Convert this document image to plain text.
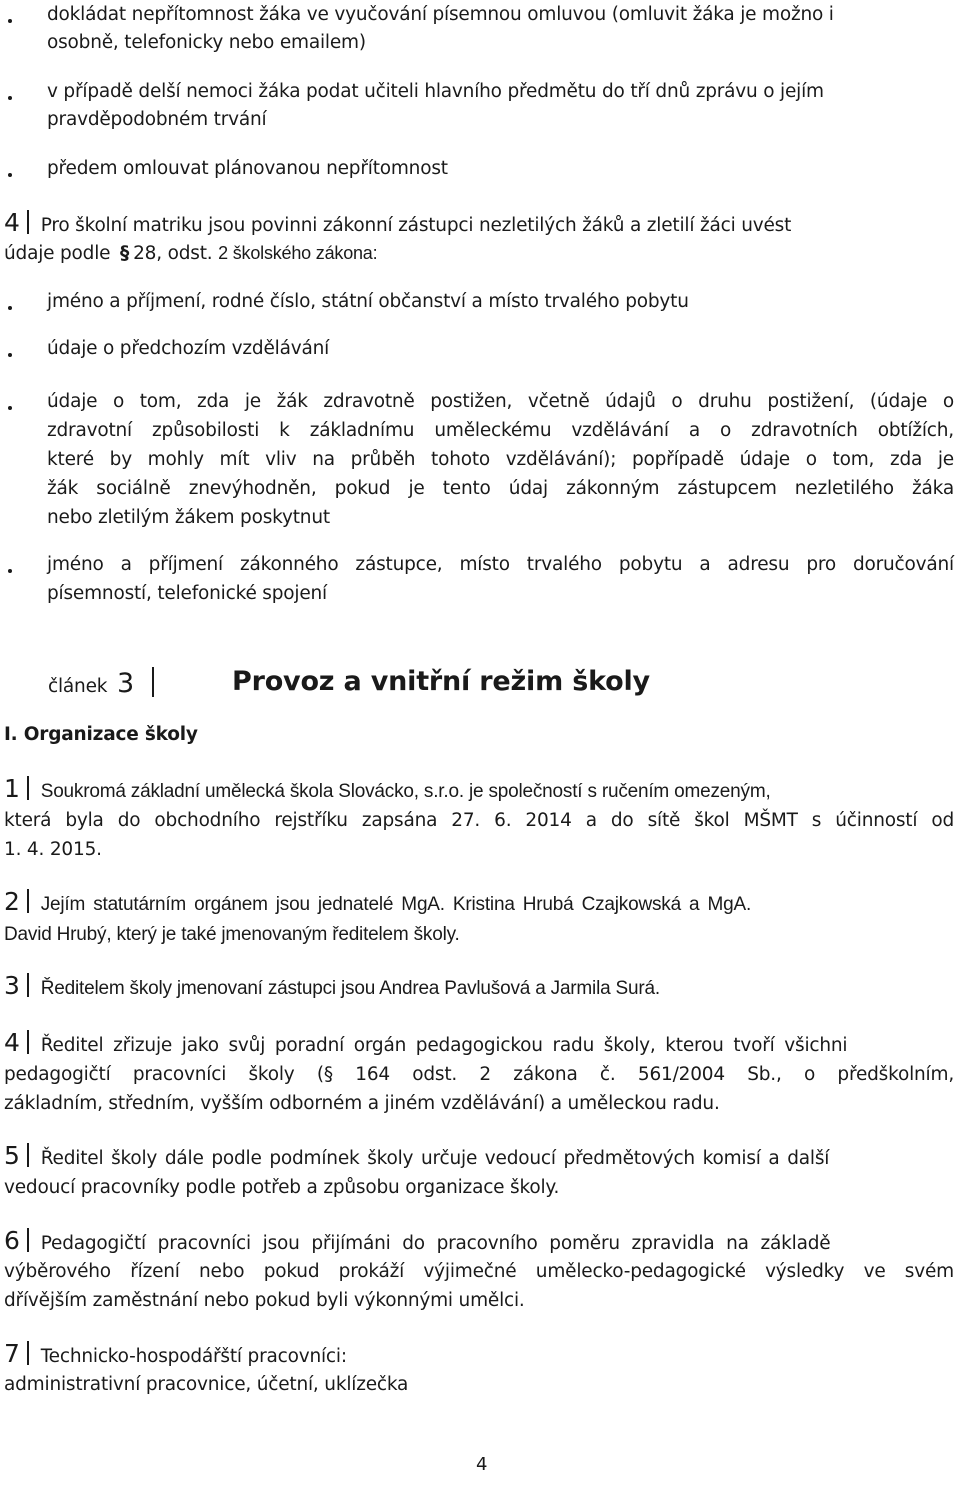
dokládat nepřítomnost žáka ve vyučování písemnou omluvou (omluvit žáka je možno i
osobně, telefonicky nebo emailem)
v případě delší nemoci žáka podat učiteli hlavního předmětu do tří dnů zprávu o jejím
pravděpodobném trvání
předem omlouvat plánovanou nepřítomnost
4 Pro školní matriku jsou povinni zákonní zástupci nezletilých žáků a zletilí žáci uvést
údaje podle § 28, odst. 2 školského zákona:
jméno a příjmení, rodné číslo, státní občanství a místo trvalého pobytu
údaje o předchozím vzdělávání
údaje o tom, zda je žák zdravotně postižen, včetně údajů o druhu postižení, (údaje o
zdravotní způsobilosti k základnímu uměleckému vzdělávání a o zdravotních obtížích,
které by mohly mít vliv na průběh tohoto vzdělávání); popřípadě údaje o tom, zda je
žák sociálně znevýhodněn, pokud je tento údaj zákonným zástupcem nezletilého žáka
nebo zletilým žákem poskytnut
jméno a příjmení zákonného zástupce, místo trvalého pobytu a adresu pro doručování
písemností, telefonické spojení
článek 3	Provoz a vnitřní režim školy
I. Organizace školy
1 Soukromá základní umělecká škola Slovácko, s.r.o. je společností s ručením omezeným,
která byla do obchodního rejstříku zapsána 27. 6. 2014 a do sítě škol MŠMT s účinností od
1. 4. 2015.
2 Jejím statutárním orgánem jsou jednatelé MgA. Kristina Hrubá Czajkowská a MgA.
David Hrubý, který je také jmenovaným ředitelem školy.
3 Ředitelem školy jmenovaní zástupci jsou Andrea Pavlušová a Jarmila Surá.
4 Ředitel zřizuje jako svůj poradní orgán pedagogickou radu školy, kterou tvoří všichni
pedagogičtí pracovníci školy (§ 164 odst. 2 zákona č. 561/2004 Sb., o předškolním,
základním, středním, vyšším odborném a jiném vzdělávání) a uměleckou radu.
5 Ředitel školy dále podle podmínek školy určuje vedoucí předmětových komisí a další
vedoucí pracovníky podle potřeb a způsobu organizace školy.
6 Pedagogičtí pracovníci jsou přijímáni do pracovního poměru zpravidla na základě
výběrového řízení nebo pokud prokáží výjimečné umělecko-pedagogické výsledky ve svém
dřívějším zaměstnání nebo pokud byli výkonnými umělci.
7 Technicko-hospodářští pracovníci:
administrativní pracovnice, účetní, uklízečka
4
